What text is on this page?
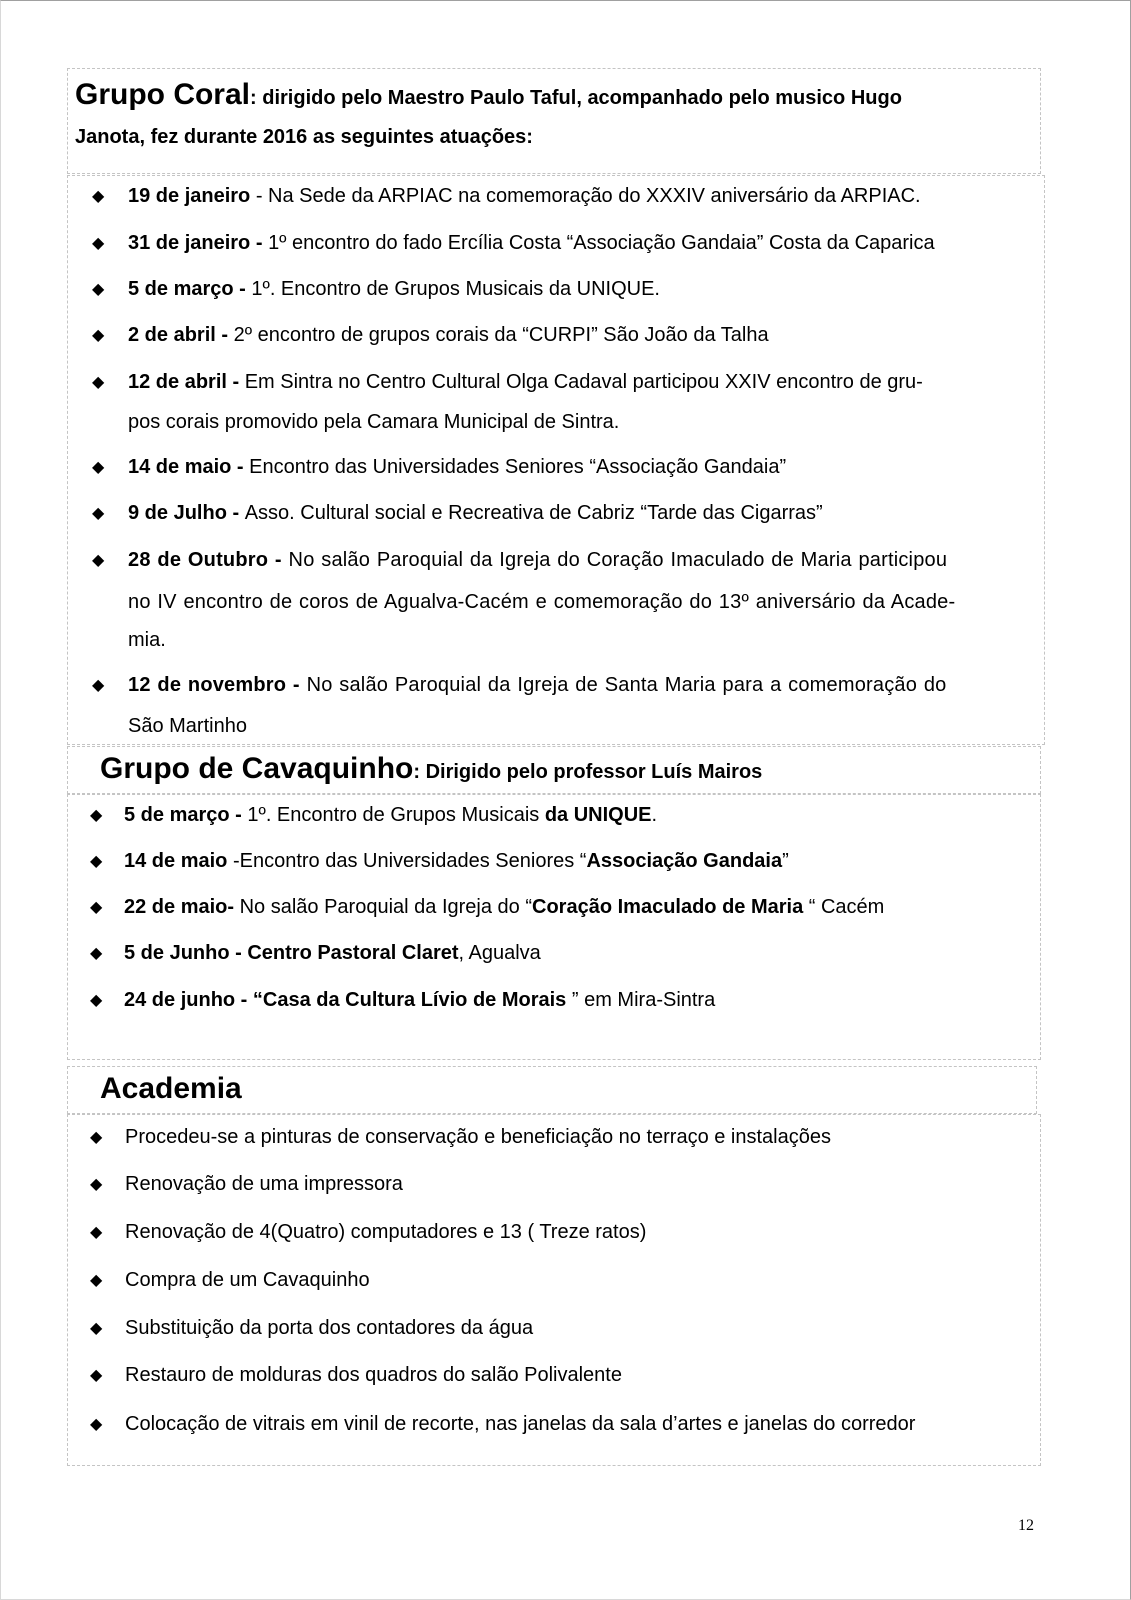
Grupo Coral: dirigido pelo Maestro Paulo Taful, acompanhado pelo musico Hugo
Janota, fez durante 2016 as seguintes atuações:
◆ 19 de janeiro - Na Sede da ARPIAC na comemoração do XXXIV aniversário da ARPIAC.
◆ 31 de janeiro - 1º encontro do fado Ercília Costa “Associação Gandaia” Costa da Caparica
◆ 5 de março - 1º. Encontro de Grupos Musicais da UNIQUE.
◆ 2 de abril - 2º encontro de grupos corais da “CURPI” São João da Talha
◆ 12 de abril - Em Sintra no Centro Cultural Olga Cadaval participou XXIV encontro de gru-
pos corais promovido pela Camara Municipal de Sintra.
◆ 14 de maio - Encontro das Universidades Seniores “Associação Gandaia”
◆ 9 de Julho - Asso. Cultural social e Recreativa de Cabriz “Tarde das Cigarras”
◆ 28 de Outubro - No salão Paroquial da Igreja do Coração Imaculado de Maria participou
no IV encontro de coros de Agualva-Cacém e comemoração do 13º aniversário da Acade-
mia.
◆ 12 de novembro - No salão Paroquial da Igreja de Santa Maria para a comemoração do
São Martinho
Grupo de Cavaquinho: Dirigido pelo professor Luís Mairos
◆ 5 de março - 1º. Encontro de Grupos Musicais da UNIQUE.
◆ 14 de maio -Encontro das Universidades Seniores “Associação Gandaia”
◆ 22 de maio- No salão Paroquial da Igreja do “Coração Imaculado de Maria “ Cacém
◆ 5 de Junho - Centro Pastoral Claret, Agualva
◆ 24 de junho - “Casa da Cultura Lívio de Morais ” em Mira-Sintra
Academia
◆ Procedeu-se a pinturas de conservação e beneficiação no terraço e instalações
◆ Renovação de uma impressora
◆ Renovação de 4(Quatro) computadores e 13 ( Treze ratos)
◆ Compra de um Cavaquinho
◆ Substituição da porta dos contadores da água
◆ Restauro de molduras dos quadros do salão Polivalente
◆ Colocação de vitrais em vinil de recorte, nas janelas da sala d’artes e janelas do corredor
12
